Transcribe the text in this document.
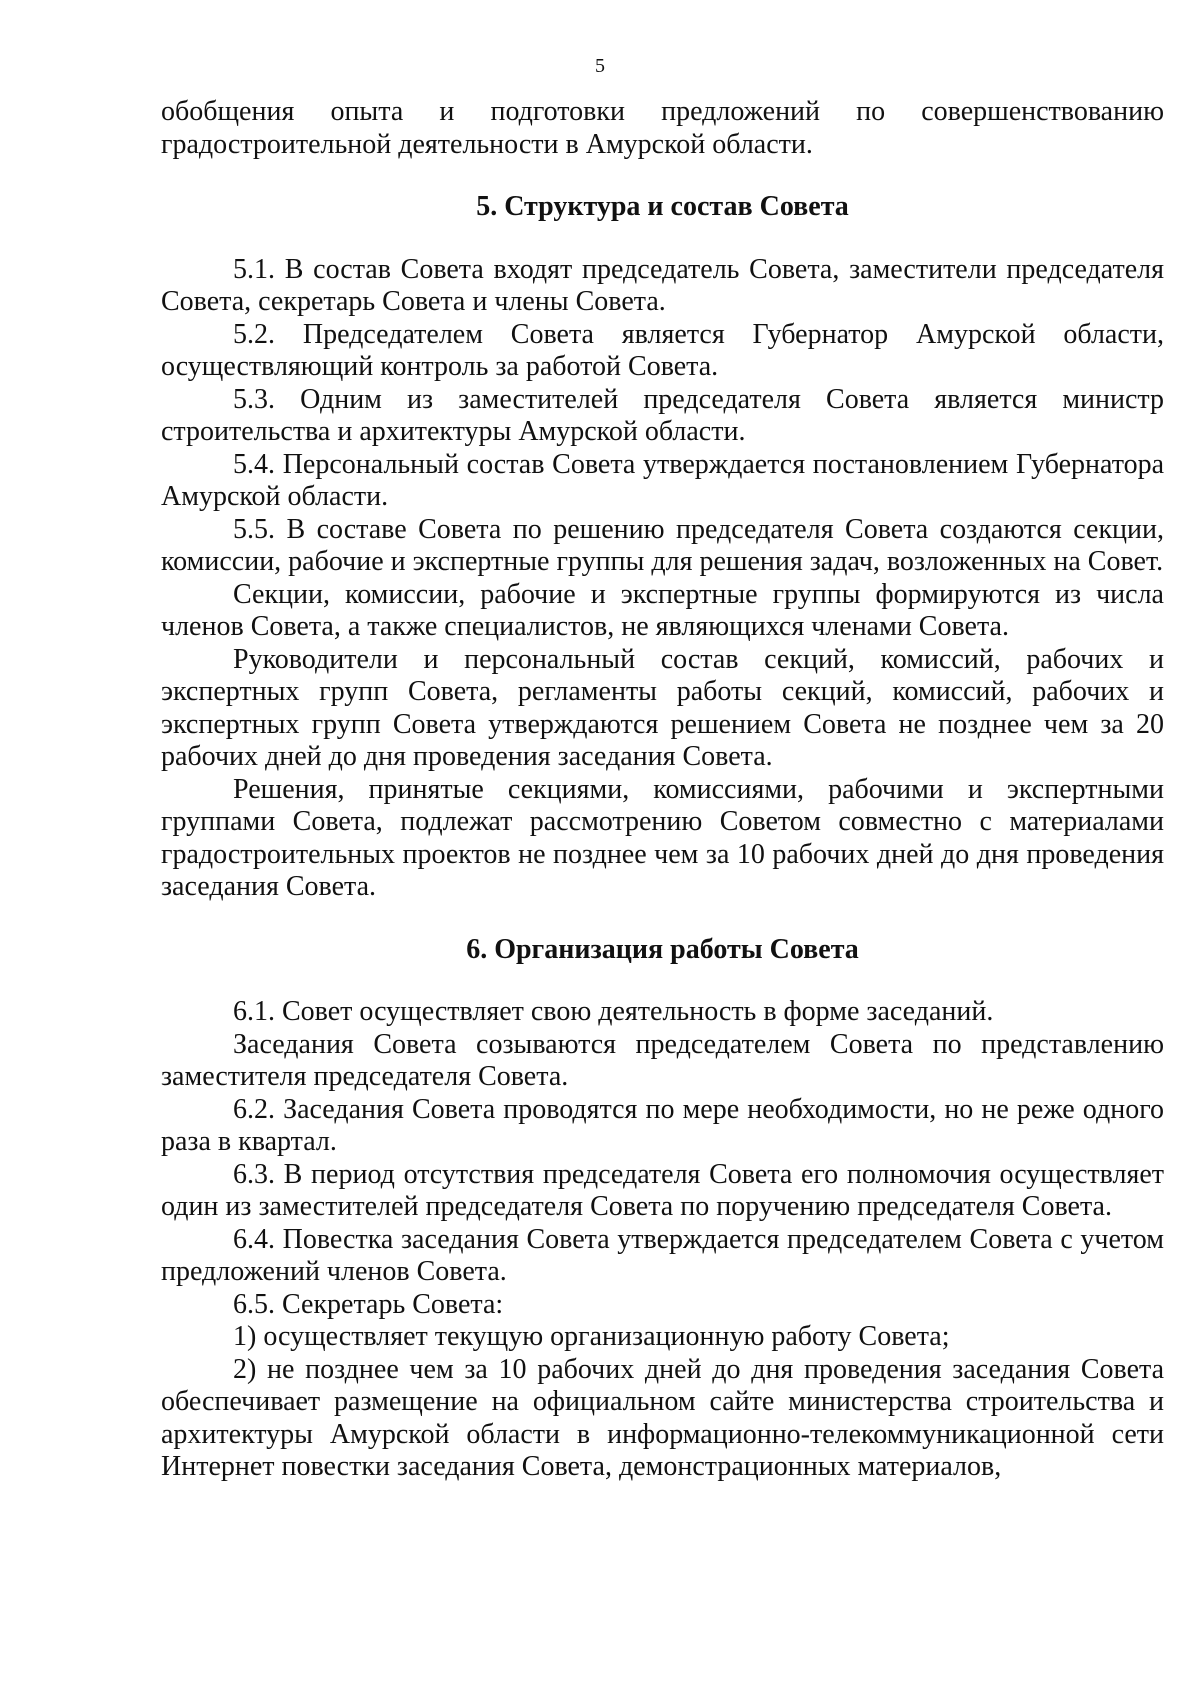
5

обобщения опыта и подготовки предложений по совершенствованию градостроительной деятельности в Амурской области.

5. Структура и состав Совета

5.1. В состав Совета входят председатель Совета, заместители председателя Совета, секретарь Совета и члены Совета.

5.2. Председателем Совета является Губернатор Амурской области, осуществляющий контроль за работой Совета.

5.3. Одним из заместителей председателя Совета является министр строительства и архитектуры Амурской области.

5.4. Персональный состав Совета утверждается постановлением Губернатора Амурской области.

5.5. В составе Совета по решению председателя Совета создаются секции, комиссии, рабочие и экспертные группы для решения задач, возложенных на Совет.

Секции, комиссии, рабочие и экспертные группы формируются из числа членов Совета, а также специалистов, не являющихся членами Совета.

Руководители и персональный состав секций, комиссий, рабочих и экспертных групп Совета, регламенты работы секций, комиссий, рабочих и экспертных групп Совета утверждаются решением Совета не позднее чем за 20 рабочих дней до дня проведения заседания Совета.

Решения, принятые секциями, комиссиями, рабочими и экспертными группами Совета, подлежат рассмотрению Советом совместно с материалами градостроительных проектов не позднее чем за 10 рабочих дней до дня проведения заседания Совета.

6. Организация работы Совета

6.1. Совет осуществляет свою деятельность в форме заседаний.

Заседания Совета созываются председателем Совета по представлению заместителя председателя Совета.

6.2. Заседания Совета проводятся по мере необходимости, но не реже одного раза в квартал.

6.3. В период отсутствия председателя Совета его полномочия осуществляет один из заместителей председателя Совета по поручению председателя Совета.

6.4. Повестка заседания Совета утверждается председателем Совета с учетом предложений членов Совета.

6.5. Секретарь Совета:

1) осуществляет текущую организационную работу Совета;

2) не позднее чем за 10 рабочих дней до дня проведения заседания Совета обеспечивает размещение на официальном сайте министерства строительства и архитектуры Амурской области в информационно-телекоммуникационной сети Интернет повестки заседания Совета, демонстрационных материалов,
